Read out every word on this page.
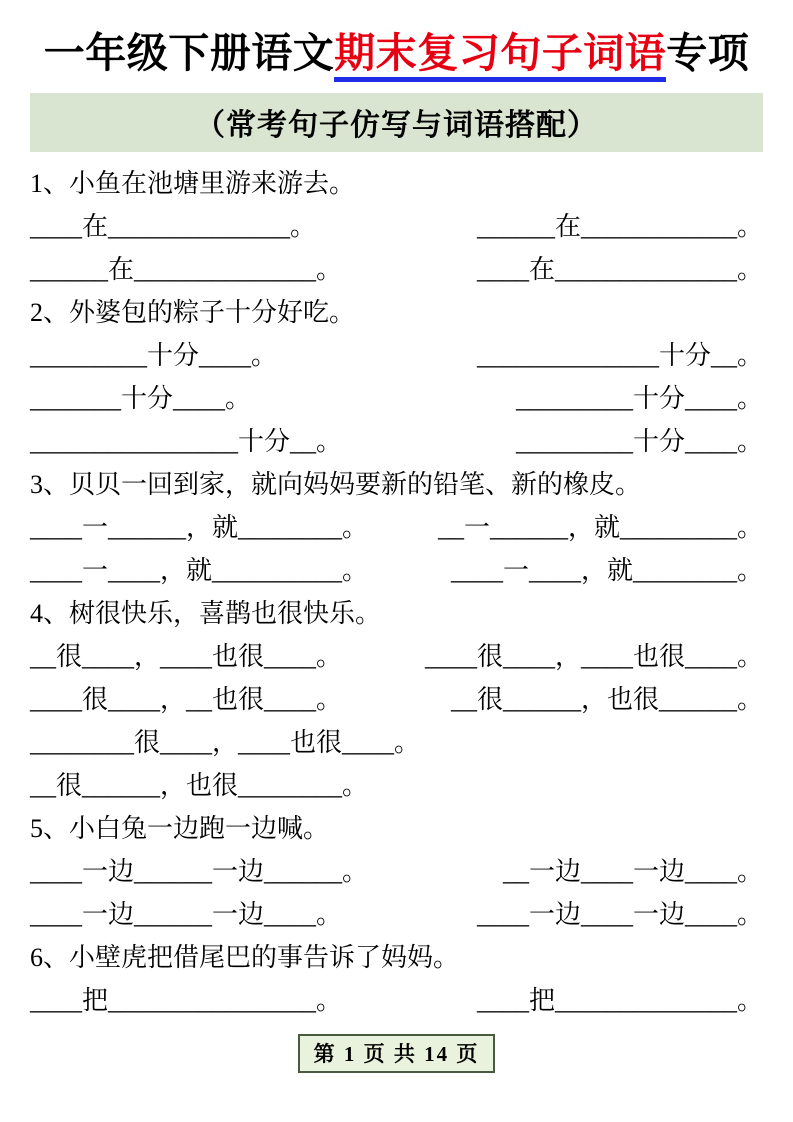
一年级下册语文期末复习句子词语专项
（常考句子仿写与词语搭配）

1、小鱼在池塘里游来游去。

____在______________。	______在____________。
______在______________。	____在______________。

2、外婆包的粽子十分好吃。

_________十分____。	______________十分__。
_______十分____。	_________十分____。
________________十分__。	_________十分____。

3、贝贝一回到家，就向妈妈要新的铅笔、新的橡皮。

____一______，就________。	__一______，就_________。
____一____，就__________。	____一____，就________。

4、树很快乐，喜鹊也很快乐。

__很____，____也很____。	____很____，____也很____。
____很____，__也很____。	__很______，也很______。
________很____，____也很____。
__很______，也很________。

5、小白兔一边跑一边喊。

____一边______一边______。	__一边____一边____。
____一边______一边____。	____一边____一边____。

6、小壁虎把借尾巴的事告诉了妈妈。

____把________________。	____把______________。
第 1 页 共 14 页
